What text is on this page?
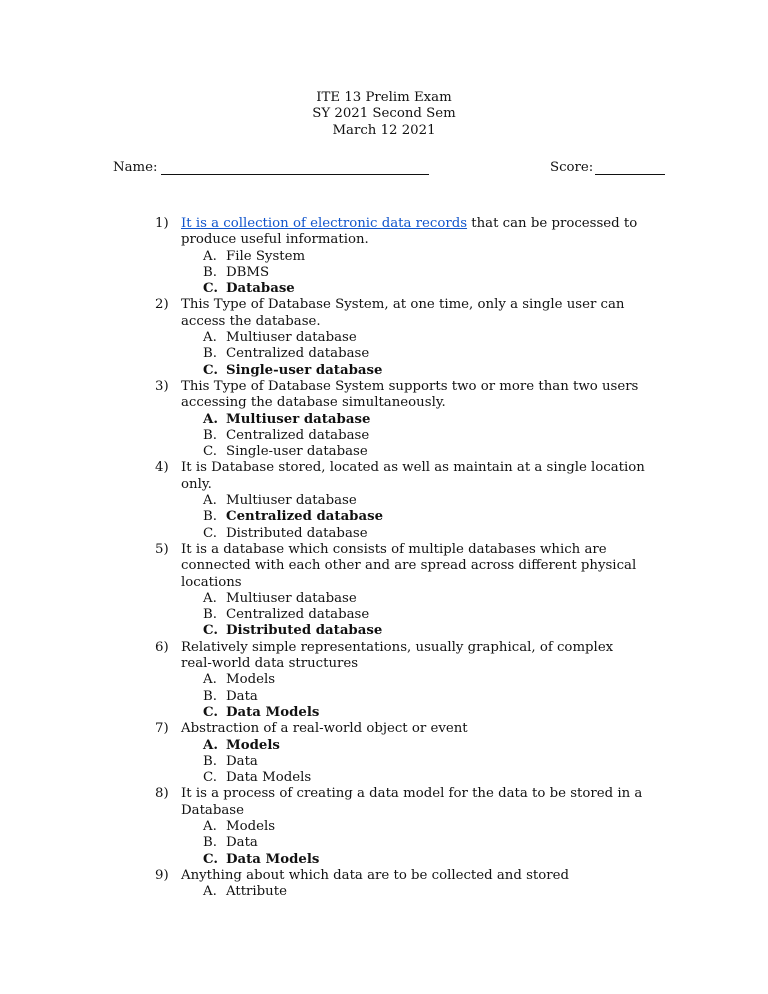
ITE 13 Prelim Exam
SY 2021 Second Sem
March 12 2021
Name:	Score:
1) It is a collection of electronic data records that can be processed to produce useful information.
A. File System
B. DBMS
C. Database
2) This Type of Database System, at one time, only a single user can access the database.
A. Multiuser database
B. Centralized database
C. Single-user database
3) This Type of Database System supports two or more than two users accessing the database simultaneously.
A. Multiuser database
B. Centralized database
C. Single-user database
4) It is Database stored, located as well as maintain at a single location only.
A. Multiuser database
B. Centralized database
C. Distributed database
5) It is a database which consists of multiple databases which are connected with each other and are spread across different physical locations
A. Multiuser database
B. Centralized database
C. Distributed database
6) Relatively simple representations, usually graphical, of complex real-world data structures
A. Models
B. Data
C. Data Models
7) Abstraction of a real-world object or event
A. Models
B. Data
C. Data Models
8) It is a process of creating a data model for the data to be stored in a Database
A. Models
B. Data
C. Data Models
9) Anything about which data are to be collected and stored
A. Attribute
